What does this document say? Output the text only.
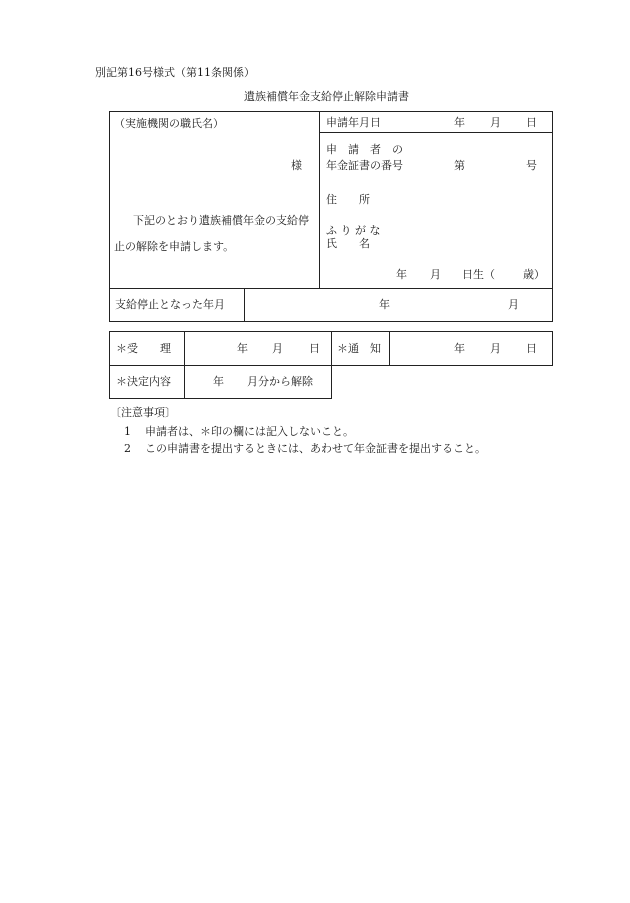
別記第16号様式（第11条関係）
遺族補償年金支給停止解除申請書
（実施機関の職氏名）
様
下記のとおり遺族補償年金の支給停
止の解除を申請します。
申請年月日	年 月 日
申　請　者　の
年金証書の番号	第	号
住　　所
ふ り が な
氏　　名
年 月 日生（	歳）
支給停止となった年月	年	月
＊受　　理	年 月 日 ＊通　知	年 月 日
＊決定内容	年 月分から解除
〔注意事項〕
1 申請者は、＊印の欄には記入しないこと。
2 この申請書を提出するときには、あわせて年金証書を提出すること。
